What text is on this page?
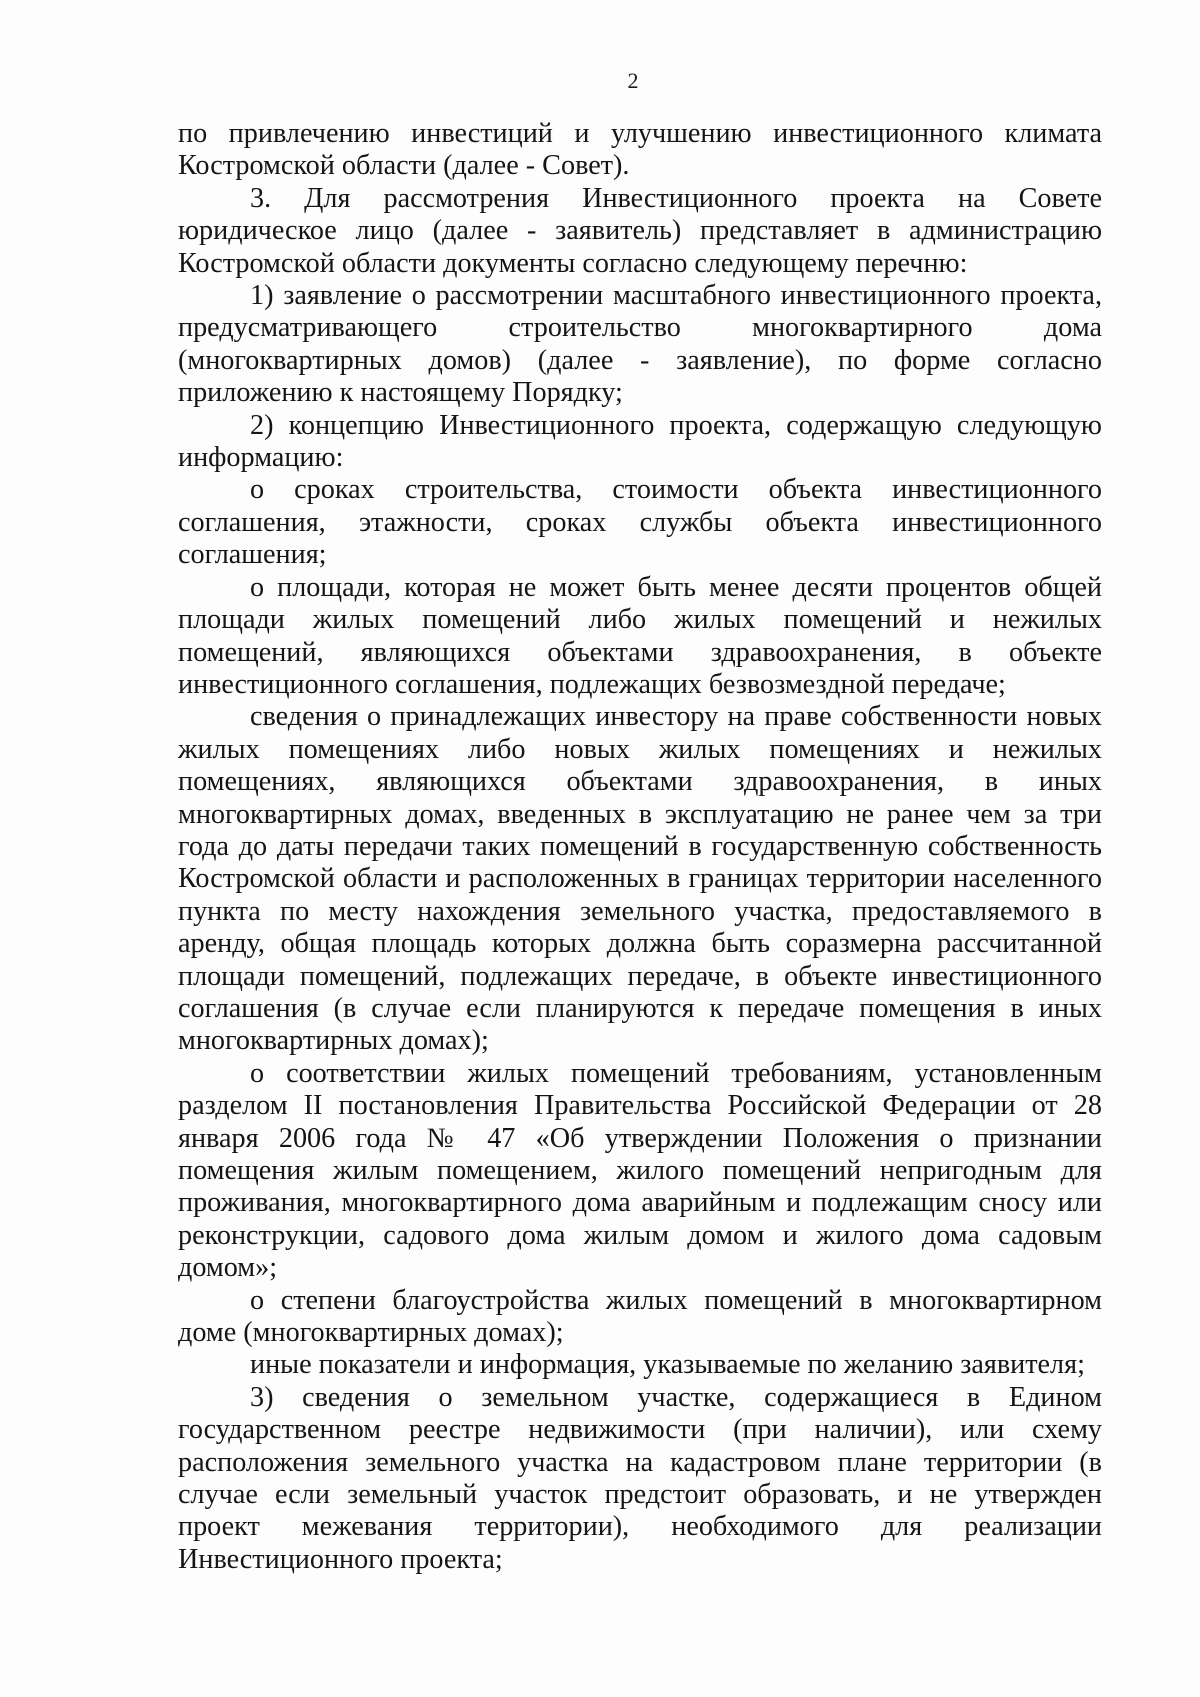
2

по привлечению инвестиций и улучшению инвестиционного климата Костромской области (далее - Совет).

3. Для рассмотрения Инвестиционного проекта на Совете юридическое лицо (далее - заявитель) представляет в администрацию Костромской области документы согласно следующему перечню:

1) заявление о рассмотрении масштабного инвестиционного проекта, предусматривающего строительство многоквартирного дома (многоквартирных домов) (далее - заявление), по форме согласно приложению к настоящему Порядку;

2) концепцию Инвестиционного проекта, содержащую следующую информацию:

о сроках строительства, стоимости объекта инвестиционного соглашения, этажности, сроках службы объекта инвестиционного соглашения;

о площади, которая не может быть менее десяти процентов общей площади жилых помещений либо жилых помещений и нежилых помещений, являющихся объектами здравоохранения, в объекте инвестиционного соглашения, подлежащих безвозмездной передаче;

сведения о принадлежащих инвестору на праве собственности новых жилых помещениях либо новых жилых помещениях и нежилых помещениях, являющихся объектами здравоохранения, в иных многоквартирных домах, введенных в эксплуатацию не ранее чем за три года до даты передачи таких помещений в государственную собственность Костромской области и расположенных в границах территории населенного пункта по месту нахождения земельного участка, предоставляемого в аренду, общая площадь которых должна быть соразмерна рассчитанной площади помещений, подлежащих передаче, в объекте инвестиционного соглашения (в случае если планируются к передаче помещения в иных многоквартирных домах);

о соответствии жилых помещений требованиям, установленным разделом II постановления Правительства Российской Федерации от 28 января 2006 года № 47 «Об утверждении Положения о признании помещения жилым помещением, жилого помещений непригодным для проживания, многоквартирного дома аварийным и подлежащим сносу или реконструкции, садового дома жилым домом и жилого дома садовым домом»;

о степени благоустройства жилых помещений в многоквартирном доме (многоквартирных домах);

иные показатели и информация, указываемые по желанию заявителя;

3) сведения о земельном участке, содержащиеся в Едином государственном реестре недвижимости (при наличии), или схему расположения земельного участка на кадастровом плане территории (в случае если земельный участок предстоит образовать, и не утвержден проект межевания территории), необходимого для реализации Инвестиционного проекта;
